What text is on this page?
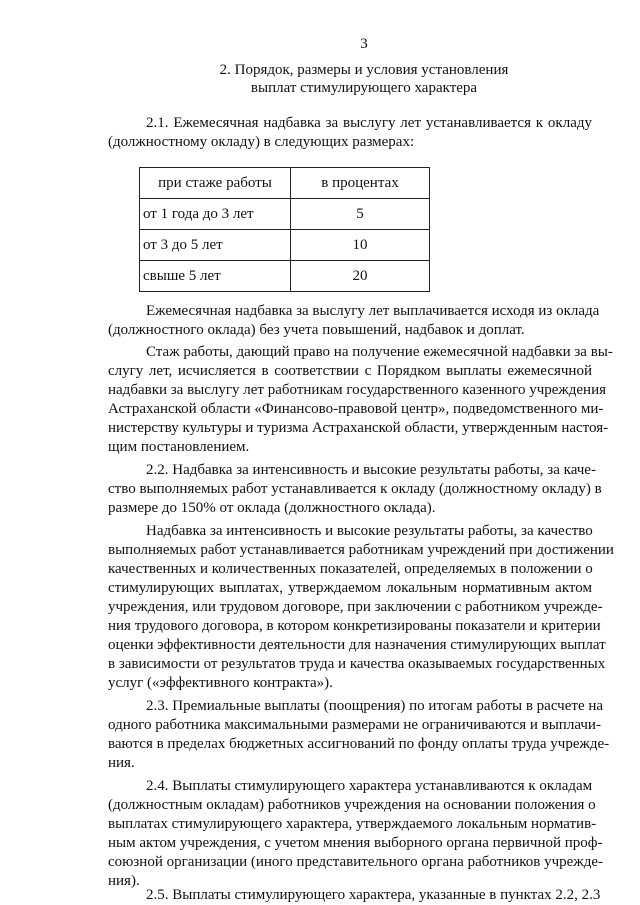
3
2. Порядок, размеры и условия установления
выплат стимулирующего характера
2.1. Ежемесячная надбавка за выслугу лет устанавливается к окладу
(должностному окладу) в следующих размерах:
при стаже работы	в процентах
от 1 года до 3 лет	5
от 3 до 5 лет	10
свыше 5 лет	20
Ежемесячная надбавка за выслугу лет выплачивается исходя из оклада
(должностного оклада) без учета повышений, надбавок и доплат.
Стаж работы, дающий право на получение ежемесячной надбавки за вы-
слугу лет, исчисляется в соответствии с Порядком выплаты ежемесячной
надбавки за выслугу лет работникам государственного казенного учреждения
Астраханской области «Финансово-правовой центр», подведомственного ми-
нистерству культуры и туризма Астраханской области, утвержденным настоя-
щим постановлением.
2.2. Надбавка за интенсивность и высокие результаты работы, за каче-
ство выполняемых работ устанавливается к окладу (должностному окладу) в
размере до 150% от оклада (должностного оклада).
Надбавка за интенсивность и высокие результаты работы, за качество
выполняемых работ устанавливается работникам учреждений при достижении
качественных и количественных показателей, определяемых в положении о
стимулирующих выплатах, утверждаемом локальным нормативным актом
учреждения, или трудовом договоре, при заключении с работником учрежде-
ния трудового договора, в котором конкретизированы показатели и критерии
оценки эффективности деятельности для назначения стимулирующих выплат
в зависимости от результатов труда и качества оказываемых государственных
услуг («эффективного контракта»).
2.3. Премиальные выплаты (поощрения) по итогам работы в расчете на
одного работника максимальными размерами не ограничиваются и выплачи-
ваются в пределах бюджетных ассигнований по фонду оплаты труда учрежде-
ния.
2.4. Выплаты стимулирующего характера устанавливаются к окладам
(должностным окладам) работников учреждения на основании положения о
выплатах стимулирующего характера, утверждаемого локальным норматив-
ным актом учреждения, с учетом мнения выборного органа первичной проф-
союзной организации (иного представительного органа работников учрежде-
ния).
2.5. Выплаты стимулирующего характера, указанные в пунктах 2.2, 2.3
